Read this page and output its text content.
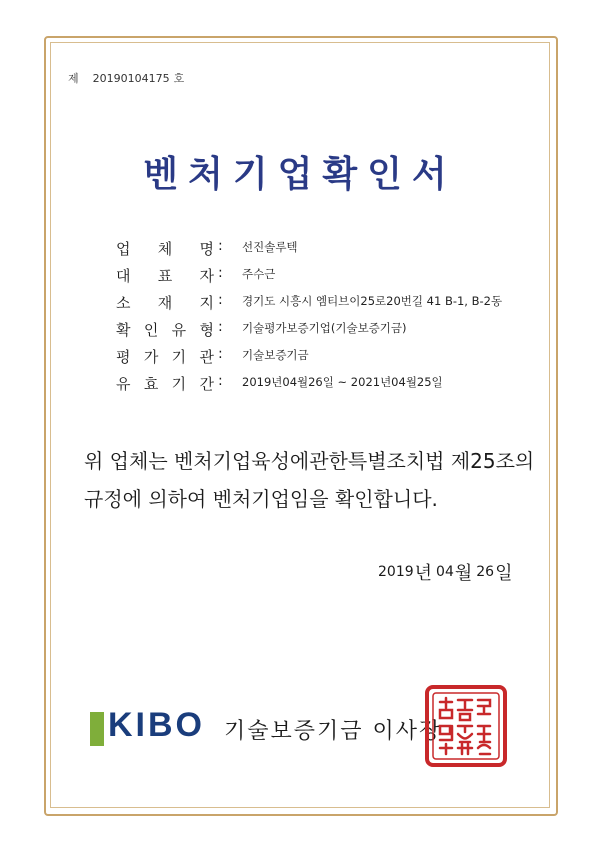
제 20190104175 호
벤처기업확인서
업 체 명 : 선진솔루텍
대 표 자 : 주수근
소 재 지 : 경기도 시흥시 엠티브이25로20번길 41 B-1, B-2동
확 인 유 형 : 기술평가보증기업(기술보증기금)
평 가 기 관 : 기술보증기금
유 효 기 간 : 2019년04월26일 ~ 2021년04월25일
위 업체는 벤처기업육성에관한특별조치법 제25조의
규정에 의하여 벤처기업임을 확인합니다.
2019년 04월 26일
KIBO 기술보증기금 이사장
